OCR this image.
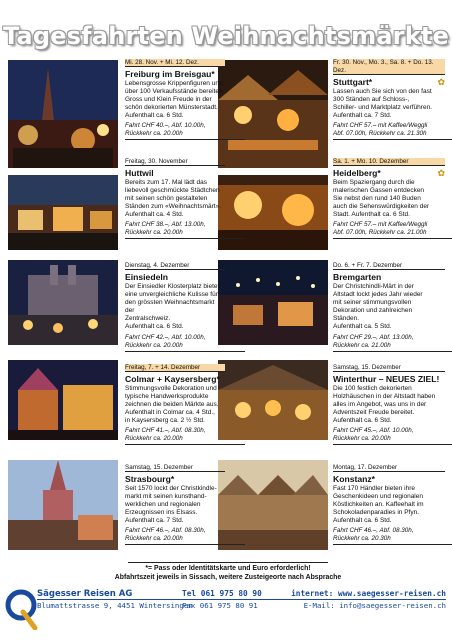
Tagesfahrten Weihnachtsmärkte
Mi. 28. Nov. + Mi. 12. Dez.
Freiburg im Breisgau*
Lebensgrosse Krippenfiguren und
über 100 Verkaufsstände bereiten
Gross und Klein Freude in der
schön dekorierten Münsterstadt.
Aufenthalt ca. 6 Std.
Fahrt CHF 40.–, Abf. 10.00h,
Rückkehr ca. 20.00h
Fr. 30. Nov., Mo. 3., Sa. 8. + Do. 13. Dez.
Stuttgart*	✿
Lassen auch Sie sich von den fast
300 Ständen auf Schloss-,
Schiller- und Marktplatz verführen.
Aufenthalt ca. 7 Std.
Fahrt CHF 57.– mit Kaffee/Weggli
Abf. 07.00h, Rückkehr ca. 21.30h
Freitag, 30. November
Huttwil
Bereits zum 17. Mal lädt das
liebevoll geschmückte Städtchen
mit seinen schön gestalteten
Ständen zum «Weihnachtsmärt».
Aufenthalt ca. 4 Std.
Fahrt CHF 38.–, Abf. 13.00h,
Rückkehr ca. 20.00h
Sa. 1. + Mo. 10. Dezember
Heidelberg*	✿
Beim Spaziergang durch die
malerischen Gassen entdecken
Sie nebst den rund 140 Buden
auch die Sehenswürdigkeiten der
Stadt. Aufenthalt ca. 6 Std.
Fahrt CHF 57.– mit Kaffee/Weggli
Abf. 07.00h, Rückkehr ca. 21.00h
Dienstag, 4. Dezember
Einsiedeln
Der Einsiedler Klosterplatz bietet
eine unvergleichliche Kulisse für
den grössten Weihnachtsmarkt der
Zentralschweiz.
Aufenthalt ca. 6 Std.
Fahrt CHF 42.–, Abf. 10.00h,
Rückkehr ca. 20.00h
Do. 6. + Fr. 7. Dezember
Bremgarten
Der Christchindli-Märt in der
Altstadt lockt jedes Jahr wieder
mit seiner stimmungsvollen
Dekoration und zahlreichen
Ständen.
Aufenthalt ca. 5 Std.
Fahrt CHF 29.–, Abf. 13.00h,
Rückkehr ca. 21.00h
Freitag, 7. + 14. Dezember
Colmar + Kaysersberg*
Stimmungsvolle Dekoration und
typische Handwerksprodukte
zeichnen die beiden Märkte aus.
Aufenthalt in Colmar ca. 4 Std.,
in Kaysersberg ca. 2 ½ Std.
Fahrt CHF 41.–, Abf. 08.30h,
Rückkehr ca. 20.00h
Samstag, 15. Dezember
Winterthur – NEUES ZIEL!
Die 100 festlich dekorierten
Holzhäuschen in der Altstadt haben
alles im Angebot, was uns in der
Adventszeit Freude bereitet.
Aufenthalt ca. 6 Std.
Fahrt CHF 45.–, Abf. 10.00h,
Rückkehr ca. 20.00h
Samstag, 15. Dezember
Strasbourg*
Seit 1570 lockt der Christkindle-
markt mit seinen kunsthand-
werklichen und regionalen
Erzeugnissen ins Elsass.
Aufenthalt ca. 7 Std.
Fahrt CHF 46.–, Abf. 08.30h,
Rückkehr ca. 20.00h
Montag, 17. Dezember
Konstanz*
Fast 170 Händler bieten ihre
Geschenkideen und regionalen
Köstlichkeiten an. Kaffeehalt im
Schokoladenparadies in Pfyn.
Aufenthalt ca. 6 Std.
Fahrt CHF 46.–, Abf. 08.30h,
Rückkehr ca. 20.30h
*= Pass oder Identitätskarte und Euro erforderlich!
Abfahrtszeit jeweils in Sissach, weitere Zusteigeorte nach Absprache
Sägesser Reisen AG
Blumattstrasse 9, 4451 Wintersingen
Tel 061 975 80 90
Fax 061 975 80 91
internet: www.saegesser-reisen.ch
E-Mail: info@saegesser-reisen.ch
